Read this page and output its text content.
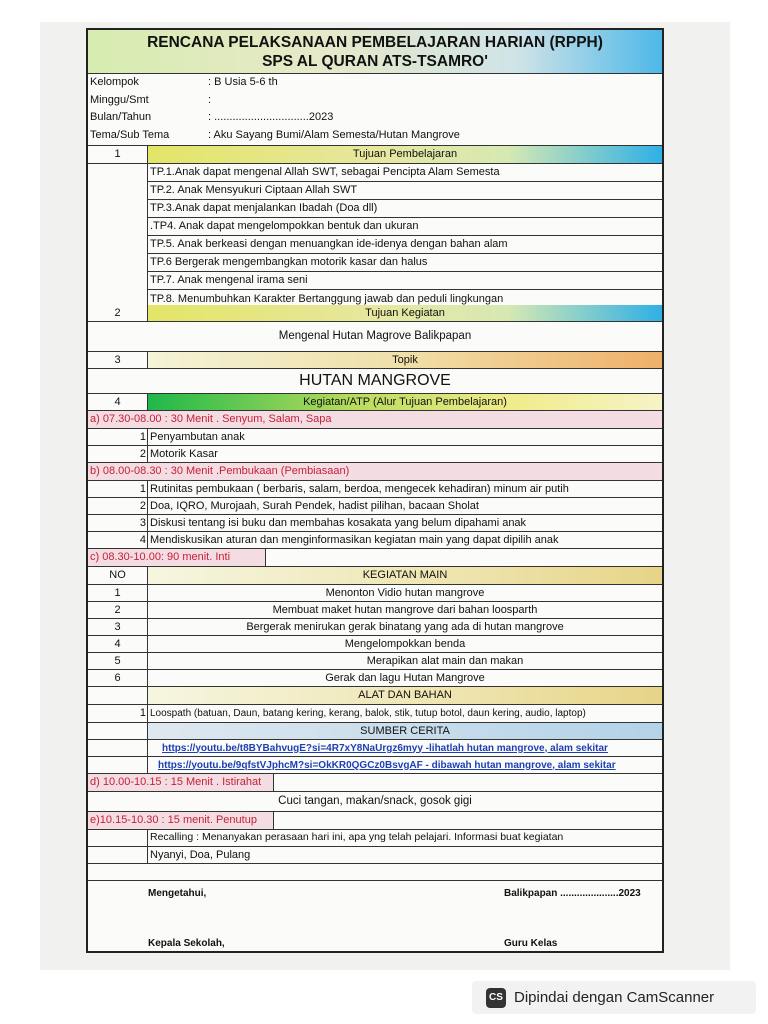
RENCANA PELAKSANAAN PEMBELAJARAN HARIAN (RPPH)
SPS AL QURAN ATS-TSAMRO'
Kelompok	: B Usia 5-6 th
Minggu/Smt	:
Bulan/Tahun	: ...............................2023
Tema/Sub Tema	: Aku Sayang Bumi/Alam Semesta/Hutan Mangrove
1	Tujuan Pembelajaran
TP.1.Anak dapat mengenal Allah SWT, sebagai Pencipta Alam Semesta
TP.2. Anak Mensyukuri Ciptaan Allah SWT
TP.3.Anak dapat menjalankan Ibadah (Doa dll)
.TP4. Anak dapat mengelompokkan bentuk dan ukuran
TP.5. Anak berkeasi dengan menuangkan ide-idenya dengan bahan alam
TP.6 Bergerak mengembangkan motorik kasar dan halus
TP.7. Anak mengenal irama seni
TP.8. Menumbuhkan Karakter Bertanggung jawab dan peduli lingkungan
2	Tujuan Kegiatan
Mengenal Hutan Magrove Balikpapan
3	Topik
HUTAN MANGROVE
4	Kegiatan/ATP (Alur Tujuan Pembelajaran)
a) 07.30-08.00 : 30 Menit . Senyum, Salam, Sapa
1 Penyambutan anak
2 Motorik Kasar
b) 08.00-08.30 : 30 Menit .Pembukaan (Pembiasaan)
1 Rutinitas pembukaan ( berbaris, salam, berdoa, mengecek kehadiran) minum air putih
2 Doa, IQRO, Murojaah, Surah Pendek, hadist pilihan, bacaan Sholat
3 Diskusi tentang isi buku dan membahas kosakata yang belum dipahami anak
4 Mendiskusikan aturan dan menginformasikan kegiatan main yang dapat dipilih anak
c) 08.30-10.00: 90 menit. Inti
NO	KEGIATAN MAIN
1	Menonton Vidio hutan mangrove
2	Membuat maket hutan mangrove dari bahan loosparth
3	Bergerak menirukan gerak binatang yang ada di hutan mangrove
4	Mengelompokkan benda
5	Merapikan alat main dan makan
6	Gerak dan lagu Hutan Mangrove
ALAT DAN BAHAN
1 Loospath (batuan, Daun, batang kering, kerang, balok, stik, tutup botol, daun kering, audio, laptop)
SUMBER CERITA
https://youtu.be/t8BYBahvugE?si=4R7xY8NaUrgz6myy -lihatlah hutan mangrove, alam sekitar
https://youtu.be/9qfstVJphcM?si=OkKR0QGCz0BsvgAF - dibawah hutan mangrove, alam sekitar
d) 10.00-10.15 : 15 Menit . Istirahat
Cuci tangan, makan/snack, gosok gigi
e)10.15-10.30 : 15 menit. Penutup
Recalling : Menanyakan perasaan hari ini, apa yng telah pelajari. Informasi buat kegiatan
Nyanyi, Doa, Pulang
Mengetahui,	Balikpapan .....................2023
Kepala Sekolah,	Guru Kelas
CS Dipindai dengan CamScanner
